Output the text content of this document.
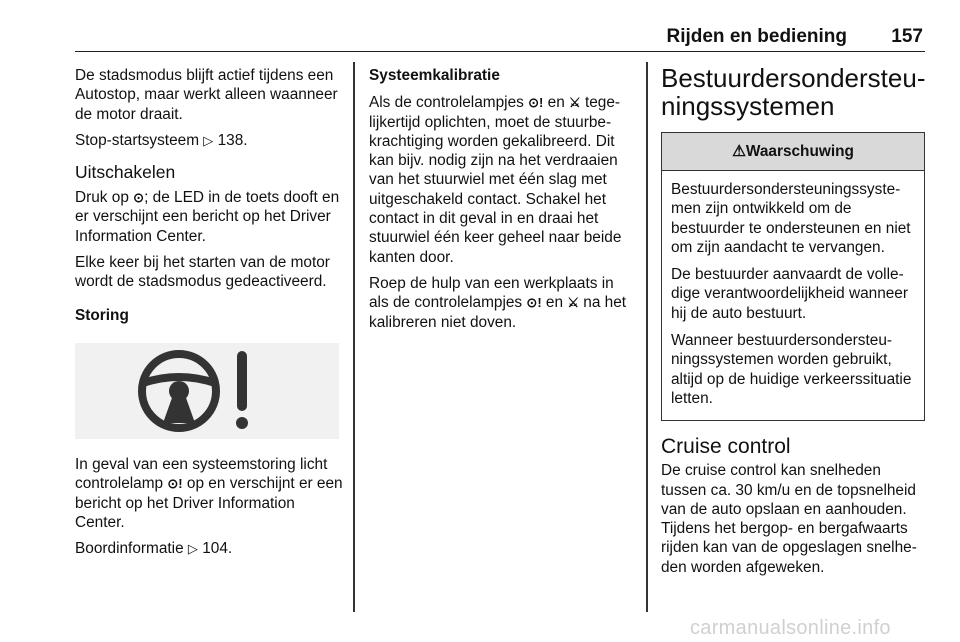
Rijden en bediening 157

De stadsmodus blijft actief tijdens een Autostop, maar werkt alleen waanneer de motor draait.

Stop-startsysteem ▷ 138.

Uitschakelen

Druk op ⊙; de LED in de toets dooft en er verschijnt een bericht op het Driver Information Center.

Elke keer bij het starten van de motor wordt de stadsmodus gedeactiveerd.

Storing

In geval van een systeemstoring licht controlelamp ⊙! op en verschijnt er een bericht op het Driver Information Center.

Boordinformatie ▷ 104.

Systeemkalibratie

Als de controlelampjes ⊙! en ⚔ tegelijkertijd oplichten, moet de stuurbekrachtiging worden gekalibreerd. Dit kan bijv. nodig zijn na het verdraaien van het stuurwiel met één slag met uitgeschakeld contact. Schakel het contact in dit geval in en draai het stuurwiel één keer geheel naar beide kanten door.

Roep de hulp van een werkplaats in als de controlelampjes ⊙! en ⚔ na het kalibreren niet doven.

Bestuurdersondersteuningssystemen
⚠Waarschuwing

Bestuurdersondersteuningssystemen zijn ontwikkeld om de bestuurder te ondersteunen en niet om zijn aandacht te vervangen.

De bestuurder aanvaardt de volledige verantwoordelijkheid wanneer hij de auto bestuurt.

Wanneer bestuurdersondersteuningssystemen worden gebruikt, altijd op de huidige verkeerssituatie letten.

Cruise control

De cruise control kan snelheden tussen ca. 30 km/u en de topsnelheid van de auto opslaan en aanhouden. Tijdens het bergop- en bergafwaarts rijden kan van de opgeslagen snelheden worden afgeweken.

carmanualsonline.info
